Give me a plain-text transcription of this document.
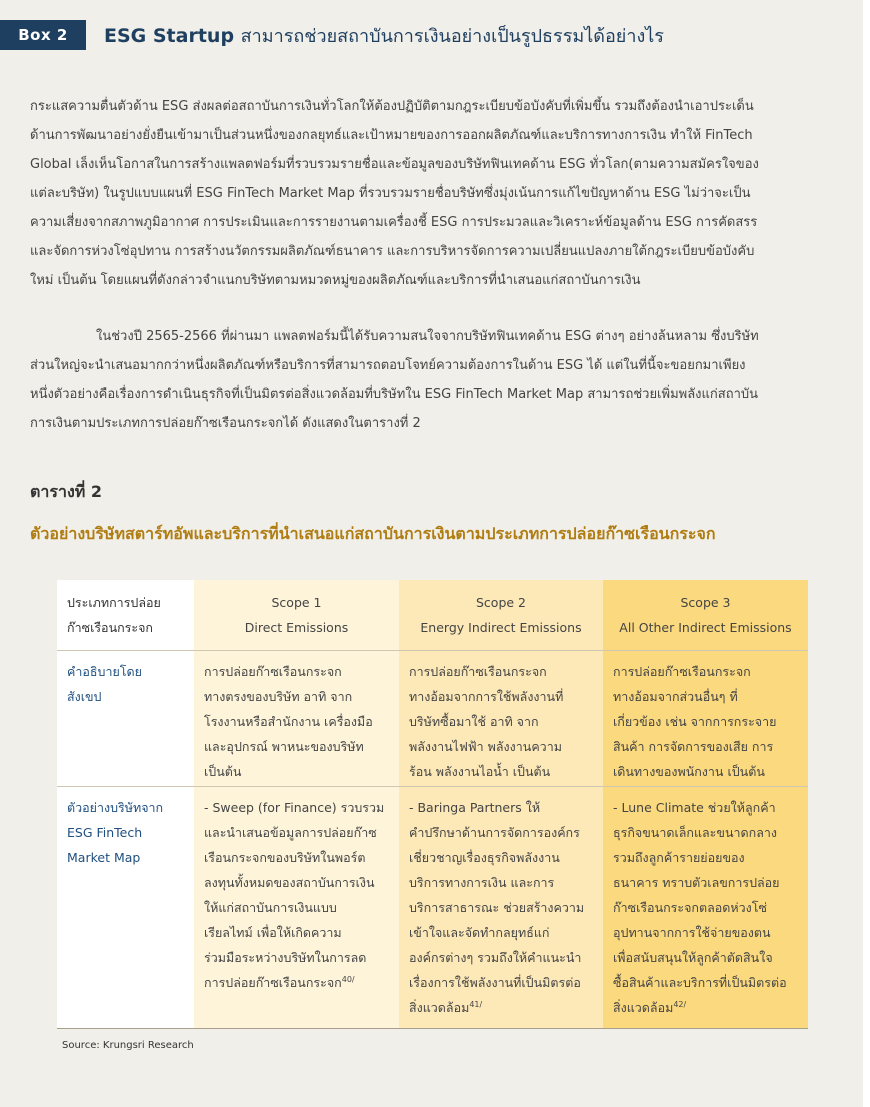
Box 2	ESG Startup สามารถช่วยสถาบันการเงินอย่างเป็นรูปธรรมได้อย่างไร

กระแสความตื่นตัวด้าน ESG ส่งผลต่อสถาบันการเงินทั่วโลกให้ต้องปฏิบัติตามกฎระเบียบข้อบังคับที่เพิ่มขึ้น รวมถึงต้องนำเอาประเด็น
ด้านการพัฒนาอย่างยั่งยืนเข้ามาเป็นส่วนหนึ่งของกลยุทธ์และเป้าหมายของการออกผลิตภัณฑ์และบริการทางการเงิน ทำให้ FinTech
Global เล็งเห็นโอกาสในการสร้างแพลตฟอร์มที่รวบรวมรายชื่อและข้อมูลของบริษัทฟินเทคด้าน ESG ทั่วโลก(ตามความสมัครใจของ
แต่ละบริษัท) ในรูปแบบแผนที่ ESG FinTech Market Map ที่รวบรวมรายชื่อบริษัทซึ่งมุ่งเน้นการแก้ไขปัญหาด้าน ESG ไม่ว่าจะเป็น
ความเสี่ยงจากสภาพภูมิอากาศ การประเมินและการรายงานตามเครื่องชี้ ESG การประมวลและวิเคราะห์ข้อมูลด้าน ESG การคัดสรร
และจัดการห่วงโซ่อุปทาน การสร้างนวัตกรรมผลิตภัณฑ์ธนาคาร และการบริหารจัดการความเปลี่ยนแปลงภายใต้กฎระเบียบข้อบังคับ
ใหม่ เป็นต้น โดยแผนที่ดังกล่าวจำแนกบริษัทตามหมวดหมู่ของผลิตภัณฑ์และบริการที่นำเสนอแก่สถาบันการเงิน

ในช่วงปี 2565-2566 ที่ผ่านมา แพลตฟอร์มนี้ได้รับความสนใจจากบริษัทฟินเทคด้าน ESG ต่างๆ อย่างล้นหลาม ซึ่งบริษัท
ส่วนใหญ่จะนำเสนอมากกว่าหนึ่งผลิตภัณฑ์หรือบริการที่สามารถตอบโจทย์ความต้องการในด้าน ESG ได้ แต่ในที่นี้จะขอยกมาเพียง
หนึ่งตัวอย่างคือเรื่องการดำเนินธุรกิจที่เป็นมิตรต่อสิ่งแวดล้อมที่บริษัทใน ESG FinTech Market Map สามารถช่วยเพิ่มพลังแก่สถาบัน
การเงินตามประเภทการปล่อยก๊าซเรือนกระจกได้ ดังแสดงในตารางที่ 2

ตารางที่ 2
ตัวอย่างบริษัทสตาร์ทอัพและบริการที่นำเสนอแก่สถาบันการเงินตามประเภทการปล่อยก๊าซเรือนกระจก
ประเภทการปล่อย
ก๊าซเรือนกระจก
Scope 1
Direct Emissions
Scope 2
Energy Indirect Emissions
Scope 3
All Other Indirect Emissions
คำอธิบายโดย
สังเขป
การปล่อยก๊าซเรือนกระจก
ทางตรงของบริษัท อาทิ จาก
โรงงานหรือสำนักงาน เครื่องมือ
และอุปกรณ์ พาหนะของบริษัท
เป็นต้น
การปล่อยก๊าซเรือนกระจก
ทางอ้อมจากการใช้พลังงานที่
บริษัทซื้อมาใช้ อาทิ จาก
พลังงานไฟฟ้า พลังงานความ
ร้อน พลังงานไอน้ำ เป็นต้น
การปล่อยก๊าซเรือนกระจก
ทางอ้อมจากส่วนอื่นๆ ที่
เกี่ยวข้อง เช่น จากการกระจาย
สินค้า การจัดการของเสีย การ
เดินทางของพนักงาน เป็นต้น
ตัวอย่างบริษัทจาก
ESG FinTech
Market Map
- Sweep (for Finance) รวบรวม
และนำเสนอข้อมูลการปล่อยก๊าซ
เรือนกระจกของบริษัทในพอร์ต
ลงทุนทั้งหมดของสถาบันการเงิน
ให้แก่สถาบันการเงินแบบ
เรียลไทม์ เพื่อให้เกิดความ
ร่วมมือระหว่างบริษัทในการลด
การปล่อยก๊าซเรือนกระจก$^{40/}$
- Baringa Partners ให้
คำปรึกษาด้านการจัดการองค์กร
เชี่ยวชาญเรื่องธุรกิจพลังงาน
บริการทางการเงิน และการ
บริการสาธารณะ ช่วยสร้างความ
เข้าใจและจัดทำกลยุทธ์แก่
องค์กรต่างๆ รวมถึงให้คำแนะนำ
เรื่องการใช้พลังงานที่เป็นมิตรต่อ
สิ่งแวดล้อม$^{41/}$
- Lune Climate ช่วยให้ลูกค้า
ธุรกิจขนาดเล็กและขนาดกลาง
รวมถึงลูกค้ารายย่อยของ
ธนาคาร ทราบตัวเลขการปล่อย
ก๊าซเรือนกระจกตลอดห่วงโซ่
อุปทานจากการใช้จ่ายของตน
เพื่อสนับสนุนให้ลูกค้าตัดสินใจ
ซื้อสินค้าและบริการที่เป็นมิตรต่อ
สิ่งแวดล้อม$^{42/}$
Source: Krungsri Research
